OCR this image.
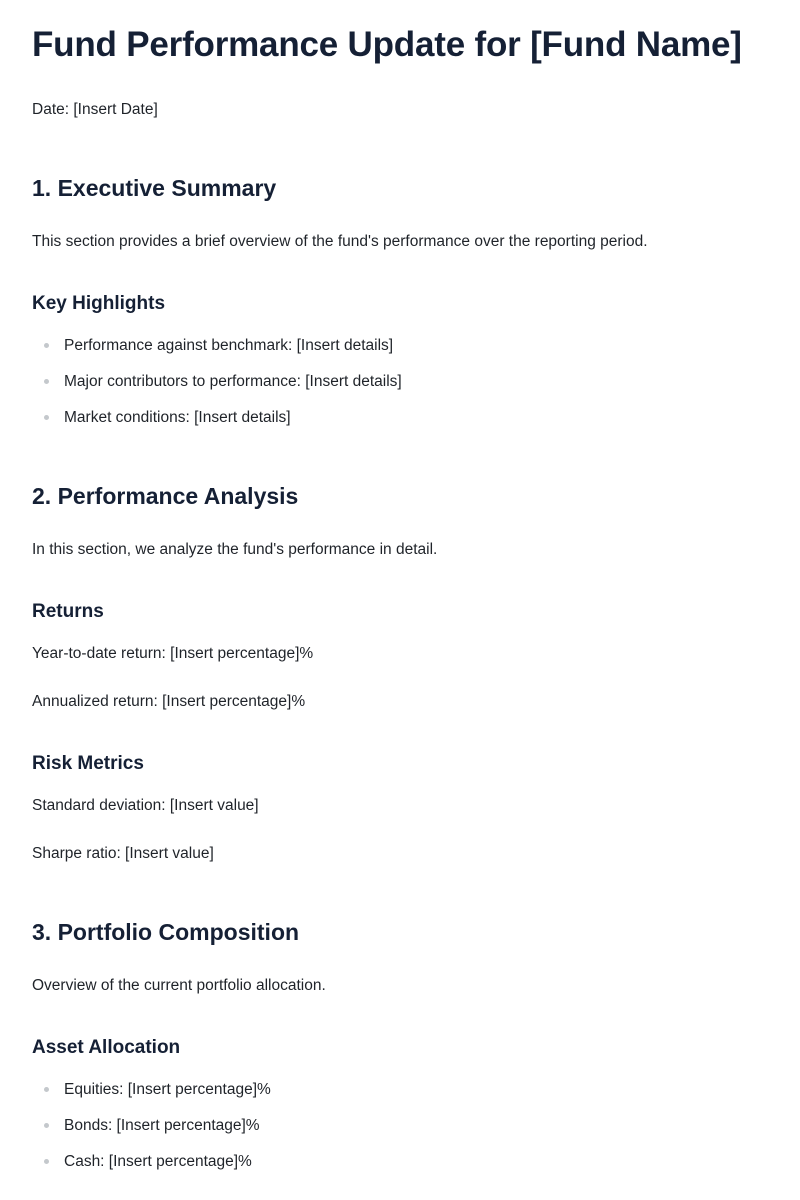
Fund Performance Update for [Fund Name]
Date: [Insert Date]
1. Executive Summary
This section provides a brief overview of the fund's performance over the reporting period.
Key Highlights
Performance against benchmark: [Insert details]
Major contributors to performance: [Insert details]
Market conditions: [Insert details]
2. Performance Analysis
In this section, we analyze the fund's performance in detail.
Returns
Year-to-date return: [Insert percentage]%
Annualized return: [Insert percentage]%
Risk Metrics
Standard deviation: [Insert value]
Sharpe ratio: [Insert value]
3. Portfolio Composition
Overview of the current portfolio allocation.
Asset Allocation
Equities: [Insert percentage]%
Bonds: [Insert percentage]%
Cash: [Insert percentage]%
